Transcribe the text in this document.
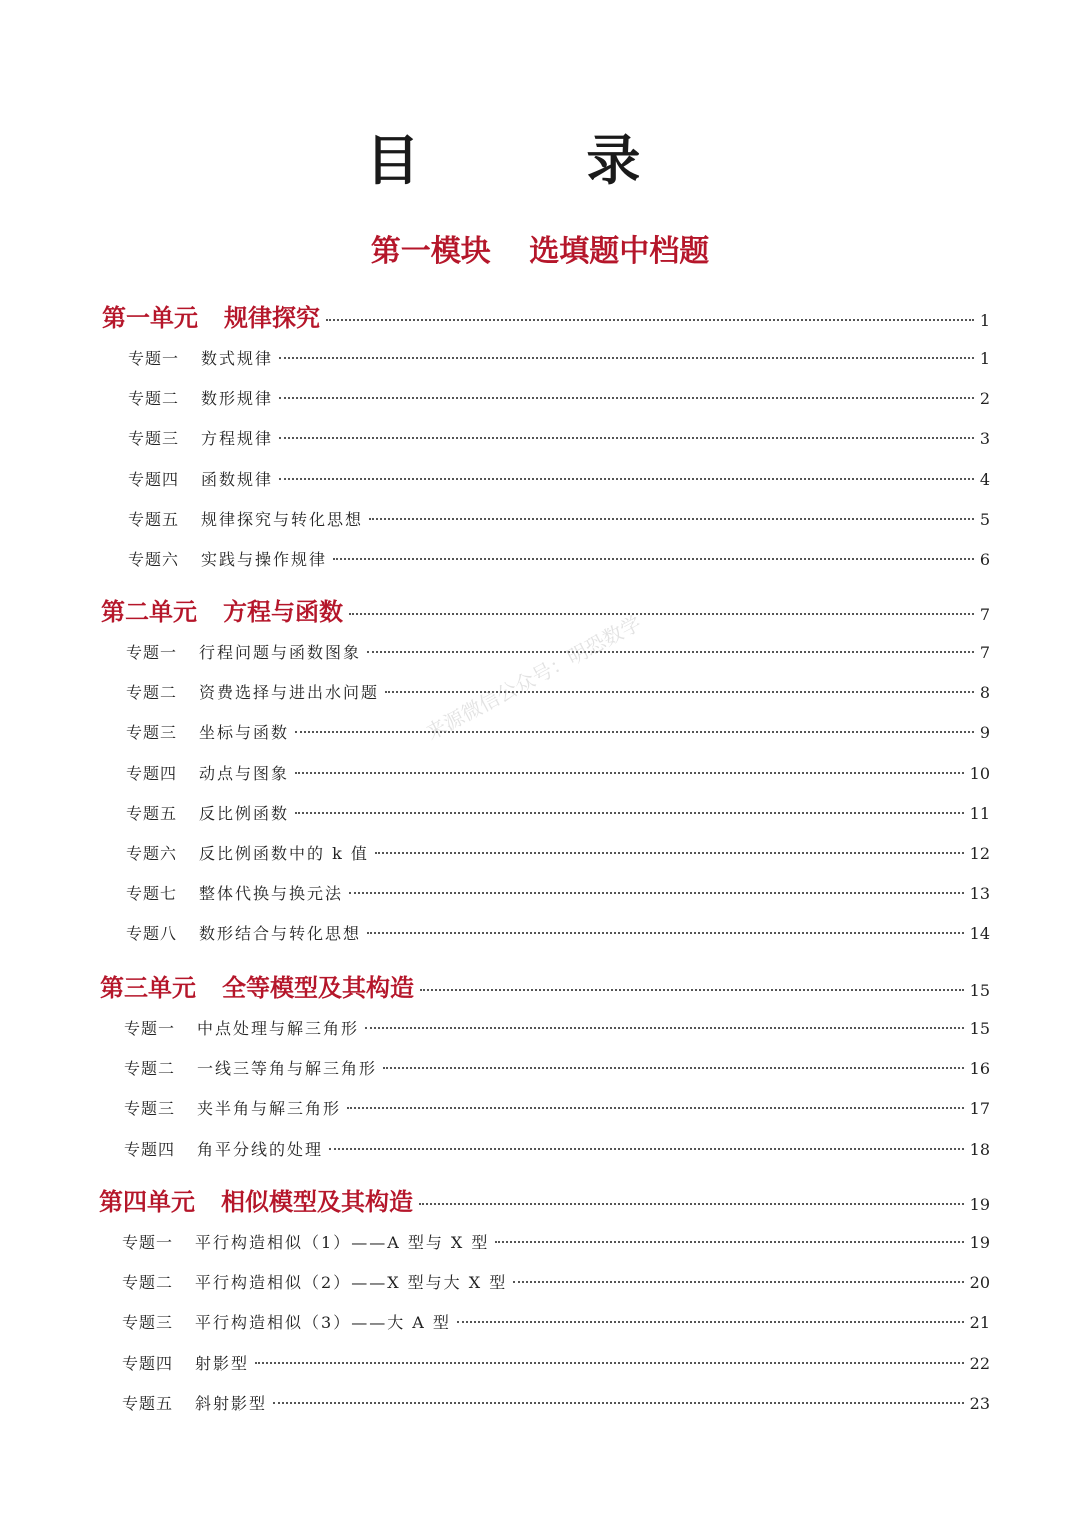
目 录
第一模块 选填题中档题
第一单元 规律探究	1
专题一 数式规律	1
专题二 数形规律	2
专题三 方程规律	3
专题四 函数规律	4
专题五 规律探究与转化思想	5
专题六 实践与操作规律	6
第二单元 方程与函数	7
专题一 行程问题与函数图象	7
专题二 资费选择与进出水问题	8
专题三 坐标与函数	9
专题四 动点与图象	10
专题五 反比例函数	11
专题六 反比例函数中的 k 值	12
专题七 整体代换与换元法	13
专题八 数形结合与转化思想	14
第三单元 全等模型及其构造	15
专题一 中点处理与解三角形	15
专题二 一线三等角与解三角形	16
专题三 夹半角与解三角形	17
专题四 角平分线的处理	18
第四单元 相似模型及其构造	19
专题一 平行构造相似（1）——A 型与 X 型	19
专题二 平行构造相似（2）——X 型与大 X 型	20
专题三 平行构造相似（3）——大 A 型	21
专题四 射影型	22
专题五 斜射影型	23
来源微信公众号：明恐数学
